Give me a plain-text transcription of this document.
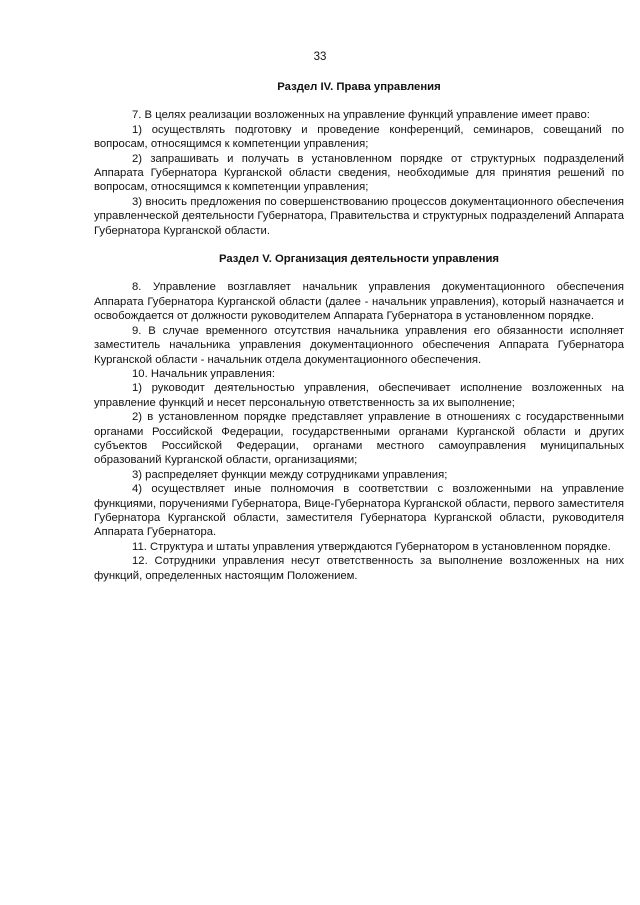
33

Раздел IV. Права управления

7. В целях реализации возложенных на управление функций управление имеет право:

1) осуществлять подготовку и проведение конференций, семинаров, совещаний по вопросам, относящимся к компетенции управления;

2) запрашивать и получать в установленном порядке от структурных подразделений Аппарата Губернатора Курганской области сведения, необходимые для принятия решений по вопросам, относящимся к компетенции управления;

3) вносить предложения по совершенствованию процессов документационного обеспечения управленческой деятельности Губернатора, Правительства и структурных подразделений Аппарата Губернатора Курганской области.

Раздел V. Организация деятельности управления

8. Управление возглавляет начальник управления документационного обеспечения Аппарата Губернатора Курганской области (далее - начальник управления), который назначается и освобождается от должности руководителем Аппарата Губернатора в установленном порядке.

9. В случае временного отсутствия начальника управления его обязанности исполняет заместитель начальника управления документационного обеспечения Аппарата Губернатора Курганской области - начальник отдела документационного обеспечения.

10. Начальник управления:

1) руководит деятельностью управления, обеспечивает исполнение возложенных на управление функций и несет персональную ответственность за их выполнение;

2) в установленном порядке представляет управление в отношениях с государственными органами Российской Федерации, государственными органами Курганской области и других субъектов Российской Федерации, органами местного самоуправления муниципальных образований Курганской области, организациями;

3) распределяет функции между сотрудниками управления;

4) осуществляет иные полномочия в соответствии с возложенными на управление функциями, поручениями Губернатора, Вице-Губернатора Курганской области, первого заместителя Губернатора Курганской области, заместителя Губернатора Курганской области, руководителя Аппарата Губернатора.

11. Структура и штаты управления утверждаются Губернатором в установленном порядке.

12. Сотрудники управления несут ответственность за выполнение возложенных на них функций, определенных настоящим Положением.
